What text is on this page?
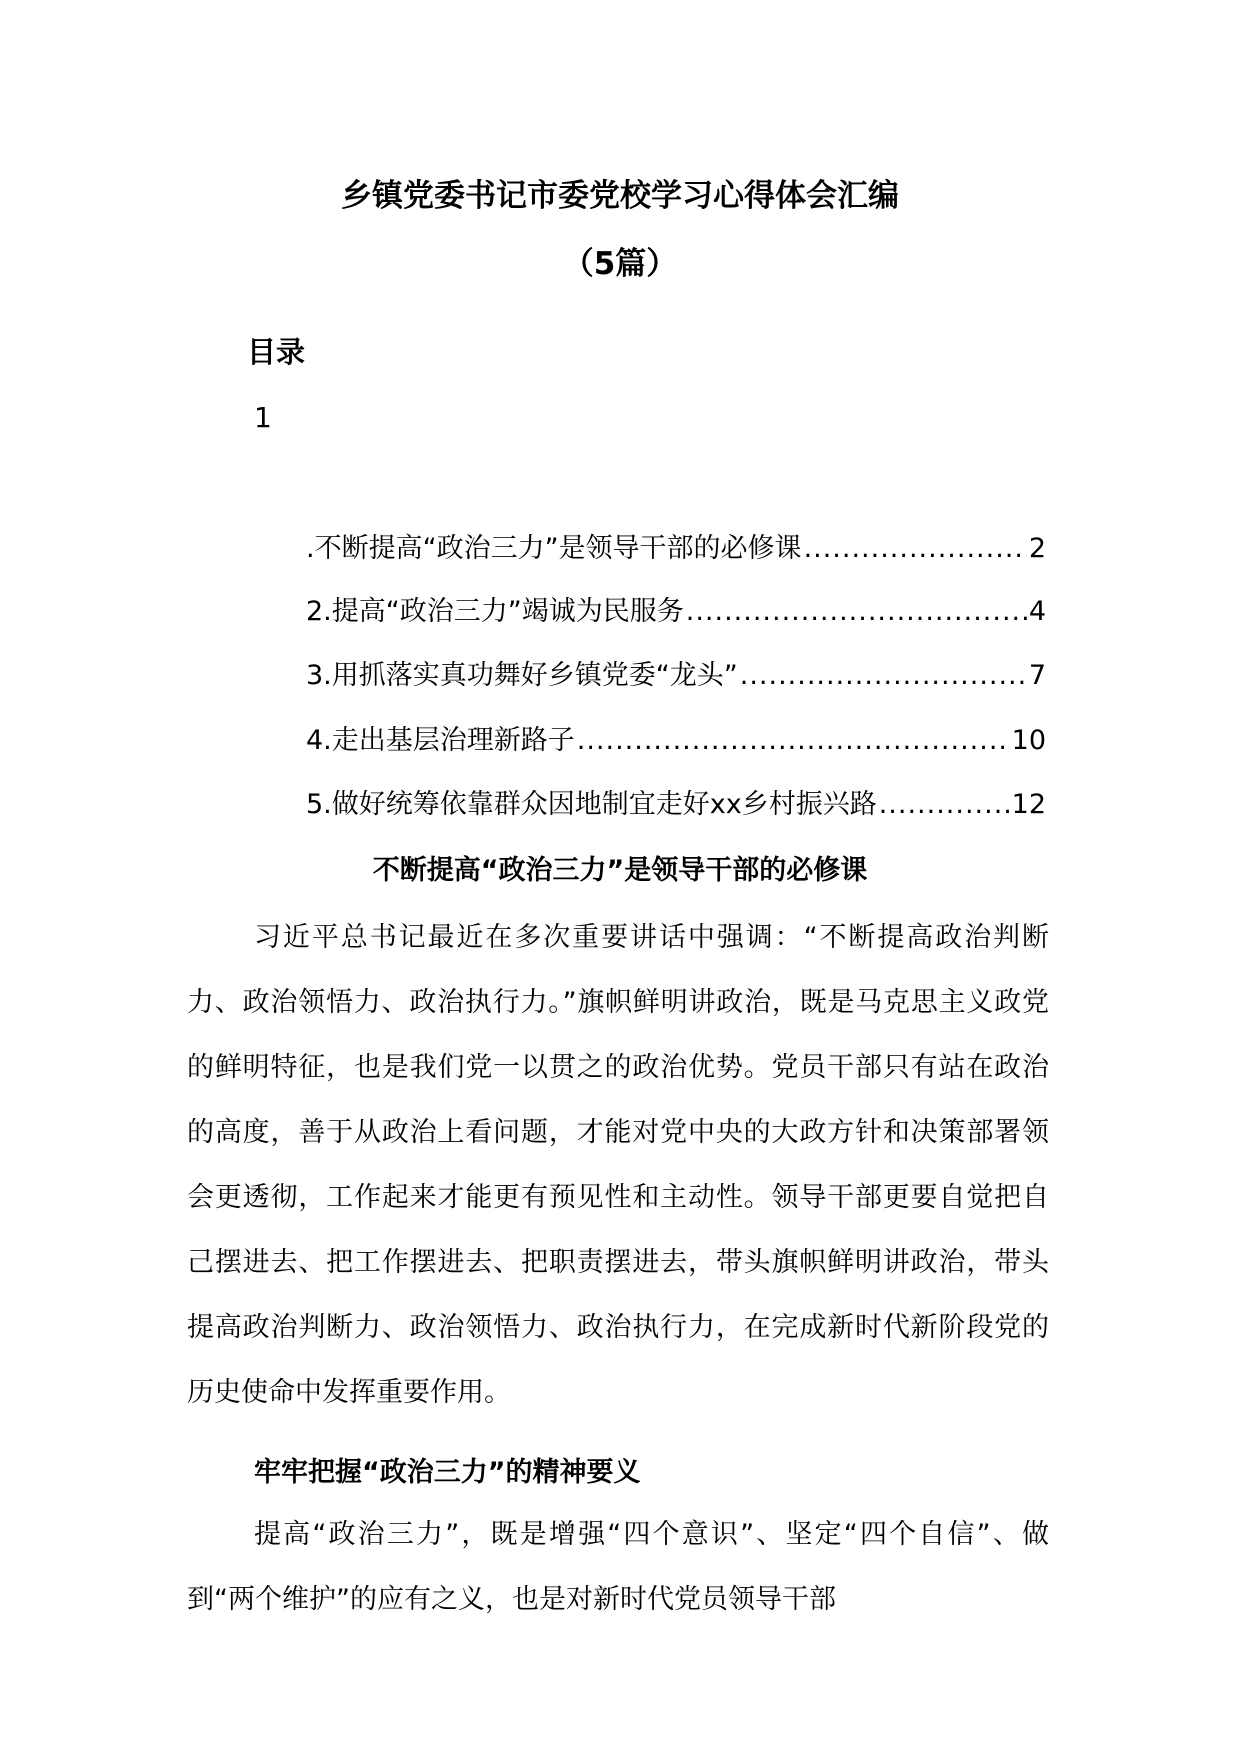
乡镇党委书记市委党校学习心得体会汇编
（5篇）
目录
1
.不断提高“政治三力”是领导干部的必修课 .....	2
2.提高“政治三力”竭诚为民服务 .....	4
3.用抓落实真功舞好乡镇党委“龙头” .....	7
4.走出基层治理新路子 .....	10
5.做好统筹依靠群众因地制宜走好xx乡村振兴路 .....	12
不断提高“政治三力”是领导干部的必修课

习近平总书记最近在多次重要讲话中强调：“不断提高政治判断力、政治领悟力、政治执行力。”旗帜鲜明讲政治，既是马克思主义政党的鲜明特征，也是我们党一以贯之的政治优势。党员干部只有站在政治的高度，善于从政治上看问题，才能对党中央的大政方针和决策部署领会更透彻，工作起来才能更有预见性和主动性。领导干部更要自觉把自己摆进去、把工作摆进去、把职责摆进去，带头旗帜鲜明讲政治，带头提高政治判断力、政治领悟力、政治执行力，在完成新时代新阶段党的历史使命中发挥重要作用。

牢牢把握“政治三力”的精神要义

提高“政治三力”，既是增强“四个意识”、坚定“四个自信”、做到“两个维护”的应有之义，也是对新时代党员领导干部
